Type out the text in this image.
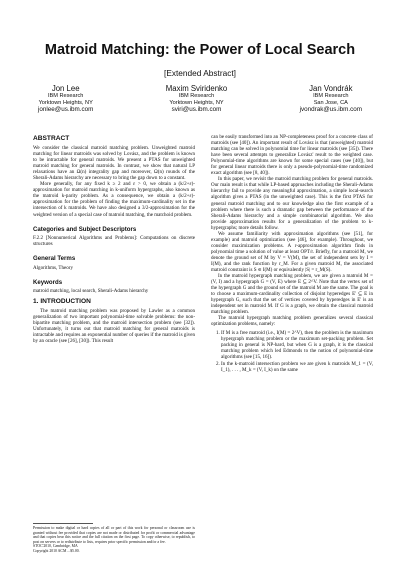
Matroid Matching: the Power of Local Search
[Extended Abstract]
Jon Lee
IBM Research
Yorktown Heights, NY
jonlee@us.ibm.com
Maxim Sviridenko
IBM Research
Yorktown Heights, NY
sviri@us.ibm.com
Jan Vondrák
IBM Research
San Jose, CA
jvondrak@us.ibm.com
ABSTRACT

We consider the classical matroid matching problem. Unweighted matroid matching for linear matroids was solved by Lovász, and the problem is known to be intractable for general matroids. We present a PTAS for unweighted matroid matching for general matroids. In contrast, we show that natural LP relaxations have an Ω(n) integrality gap and moreover, Ω(n) rounds of the Sherali-Adams hierarchy are necessary to bring the gap down to a constant.

More generally, for any fixed k ≥ 2 and ε > 0, we obtain a (k/2+ε)-approximation for matroid matching in k-uniform hypergraphs, also known as the matroid k-parity problem. As a consequence, we obtain a (k/2+ε)-approximation for the problem of finding the maximum-cardinality set in the intersection of k matroids. We have also designed a 3/2-approximation for the weighted version of a special case of matroid matching, the matchoid problem.

Categories and Subject Descriptors

F.2.2 [Nonnumerical Algorithms and Problems]: Computations on discrete structures

General Terms

Algorithms, Theory

Keywords

matroid matching, local search, Sherali-Adams hierarchy

1. INTRODUCTION

The matroid matching problem was proposed by Lawler as a common generalization of two important polynomial-time solvable problems: the non-bipartite matching problem, and the matroid intersection problem (see [32]). Unfortunately, it turns out that matroid matching for general matroids is intractable and requires an exponential number of queries if the matroid is given by an oracle (see [26], [30]). This result

Permission to make digital or hard copies of all or part of this work for personal or classroom use is granted without fee provided that copies are not made or distributed for profit or commercial advantage and that copies bear this notice and the full citation on the first page. To copy otherwise, to republish, to post on servers or to redistribute to lists, requires prior specific permission and/or a fee.
STOC'2010, Cambridge, MA
Copyright 2010 ACM ...$5.00.

can be easily transformed into an NP-completeness proof for a concrete class of matroids (see [40]). An important result of Lovász is that (unweighted) matroid matching can be solved in polynomial time for linear matroids (see [35]). There have been several attempts to generalize Lovász' result to the weighted case. Polynomial-time algorithms are known for some special cases (see [40]), but for general linear matroids there is only a pseudo-polynomial-time randomized exact algorithm (see [8, 40]).

In this paper, we revisit the matroid matching problem for general matroids. Our main result is that while LP-based approaches including the Sherali-Adams hierarchy fail to provide any meaningful approximation, a simple local-search algorithm gives a PTAS (in the unweighted case). This is the first PTAS for general matroid matching and to our knowledge also the first example of a problem where there is such a dramatic gap between the performance of the Sherali-Adams hierarchy and a simple combinatorial algorithm. We also provide approximation results for a generalization of the problem to k-hypergraphs; more details follow.

We assume familiarity with approximation algorithms (see [51], for example) and matroid optimization (see [46], for example). Throughout, we consider maximization problems. A r-approximation algorithm finds in polynomial time a solution of value at least OPT/r. Briefly, for a matroid M, we denote the ground set of M by V = V(M), the set of independent sets by I = I(M), and the rank function by r_M. For a given matroid M, the associated matroid constraint is S ∈ I(M) or equivalently |S| = r_M(S).

In the matroid hypergraph matching problem, we are given a matroid M = (V, I) and a hypergraph G = (V, E) where E ⊆ 2^V. Note that the vertex set of the hypergraph G and the ground set of the matroid M are the same. The goal is to choose a maximum-cardinality collection of disjoint hyperedges E' ⊆ E in hypergraph G, such that the set of vertices covered by hyperedges in E' is an independent set in matroid M. If G is a graph, we obtain the classical matroid matching problem.

The matroid hypergraph matching problem generalizes several classical optimization problems, namely:

1. If M is a free matroid (i.e., I(M) = 2^V), then the problem is the maximum hypergraph matching problem or the maximum set-packing problem. Set packing in general is NP-hard, but when G is a graph, it is the classical matching problem which led Edmonds to the notion of polynomial-time algorithms (see [15, 16]).
2. In the k-matroid intersection problem we are given k matroids M_1 = (V, I_1), . . . , M_k = (V, I_k) on the same
